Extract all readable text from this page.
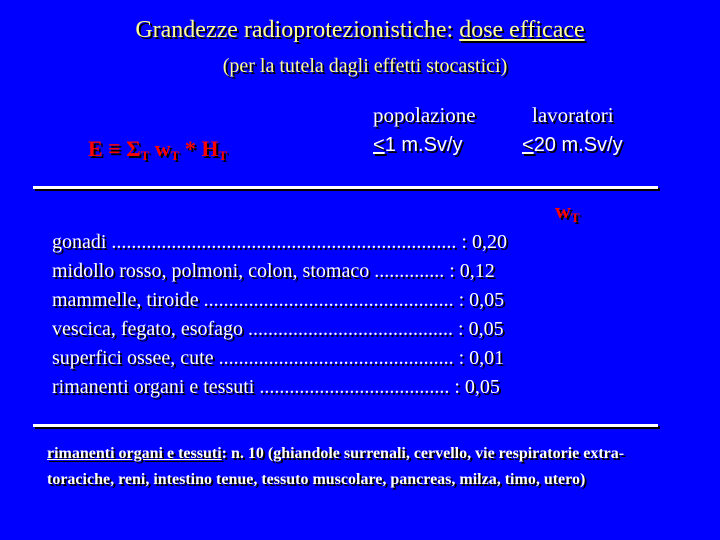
Grandezze radioprotezionistiche: dose efficace
(per la tutela dagli effetti stocastici)
$E \equiv \Sigma_T$ $w_T * H_T$
popolazione
<1 m.Sv/y
lavoratori
<20 m.Sv/y
$w_T$
gonadi ..................................................................... : 0,20
midollo rosso, polmoni, colon, stomaco .............. : 0,12
mammelle, tiroide .................................................. : 0,05
vescica, fegato, esofago ......................................... : 0,05
superfici ossee, cute ............................................... : 0,01
rimanenti organi e tessuti ...................................... : 0,05
rimanenti organi e tessuti: n. 10 (ghiandole surrenali, cervello, vie respiratorie extra-toraciche, reni, intestino tenue, tessuto muscolare, pancreas, milza, timo, utero)
